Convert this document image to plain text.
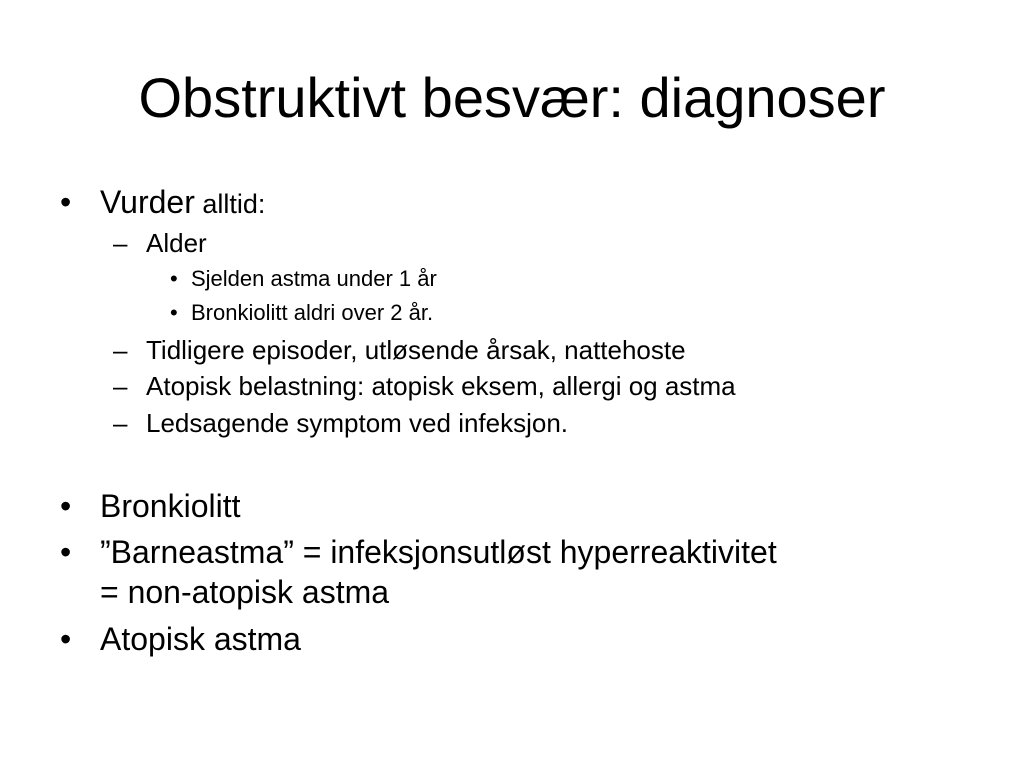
Obstruktivt besvær: diagnoser
• Vurder alltid:
– Alder
• Sjelden astma under 1 år
• Bronkiolitt aldri over 2 år.
– Tidligere episoder, utløsende årsak, nattehoste
– Atopisk belastning: atopisk eksem, allergi og astma
– Ledsagende symptom ved infeksjon.
• Bronkiolitt
• ”Barneastma” = infeksjonsutløst hyperreaktivitet
= non-atopisk astma
• Atopisk astma
